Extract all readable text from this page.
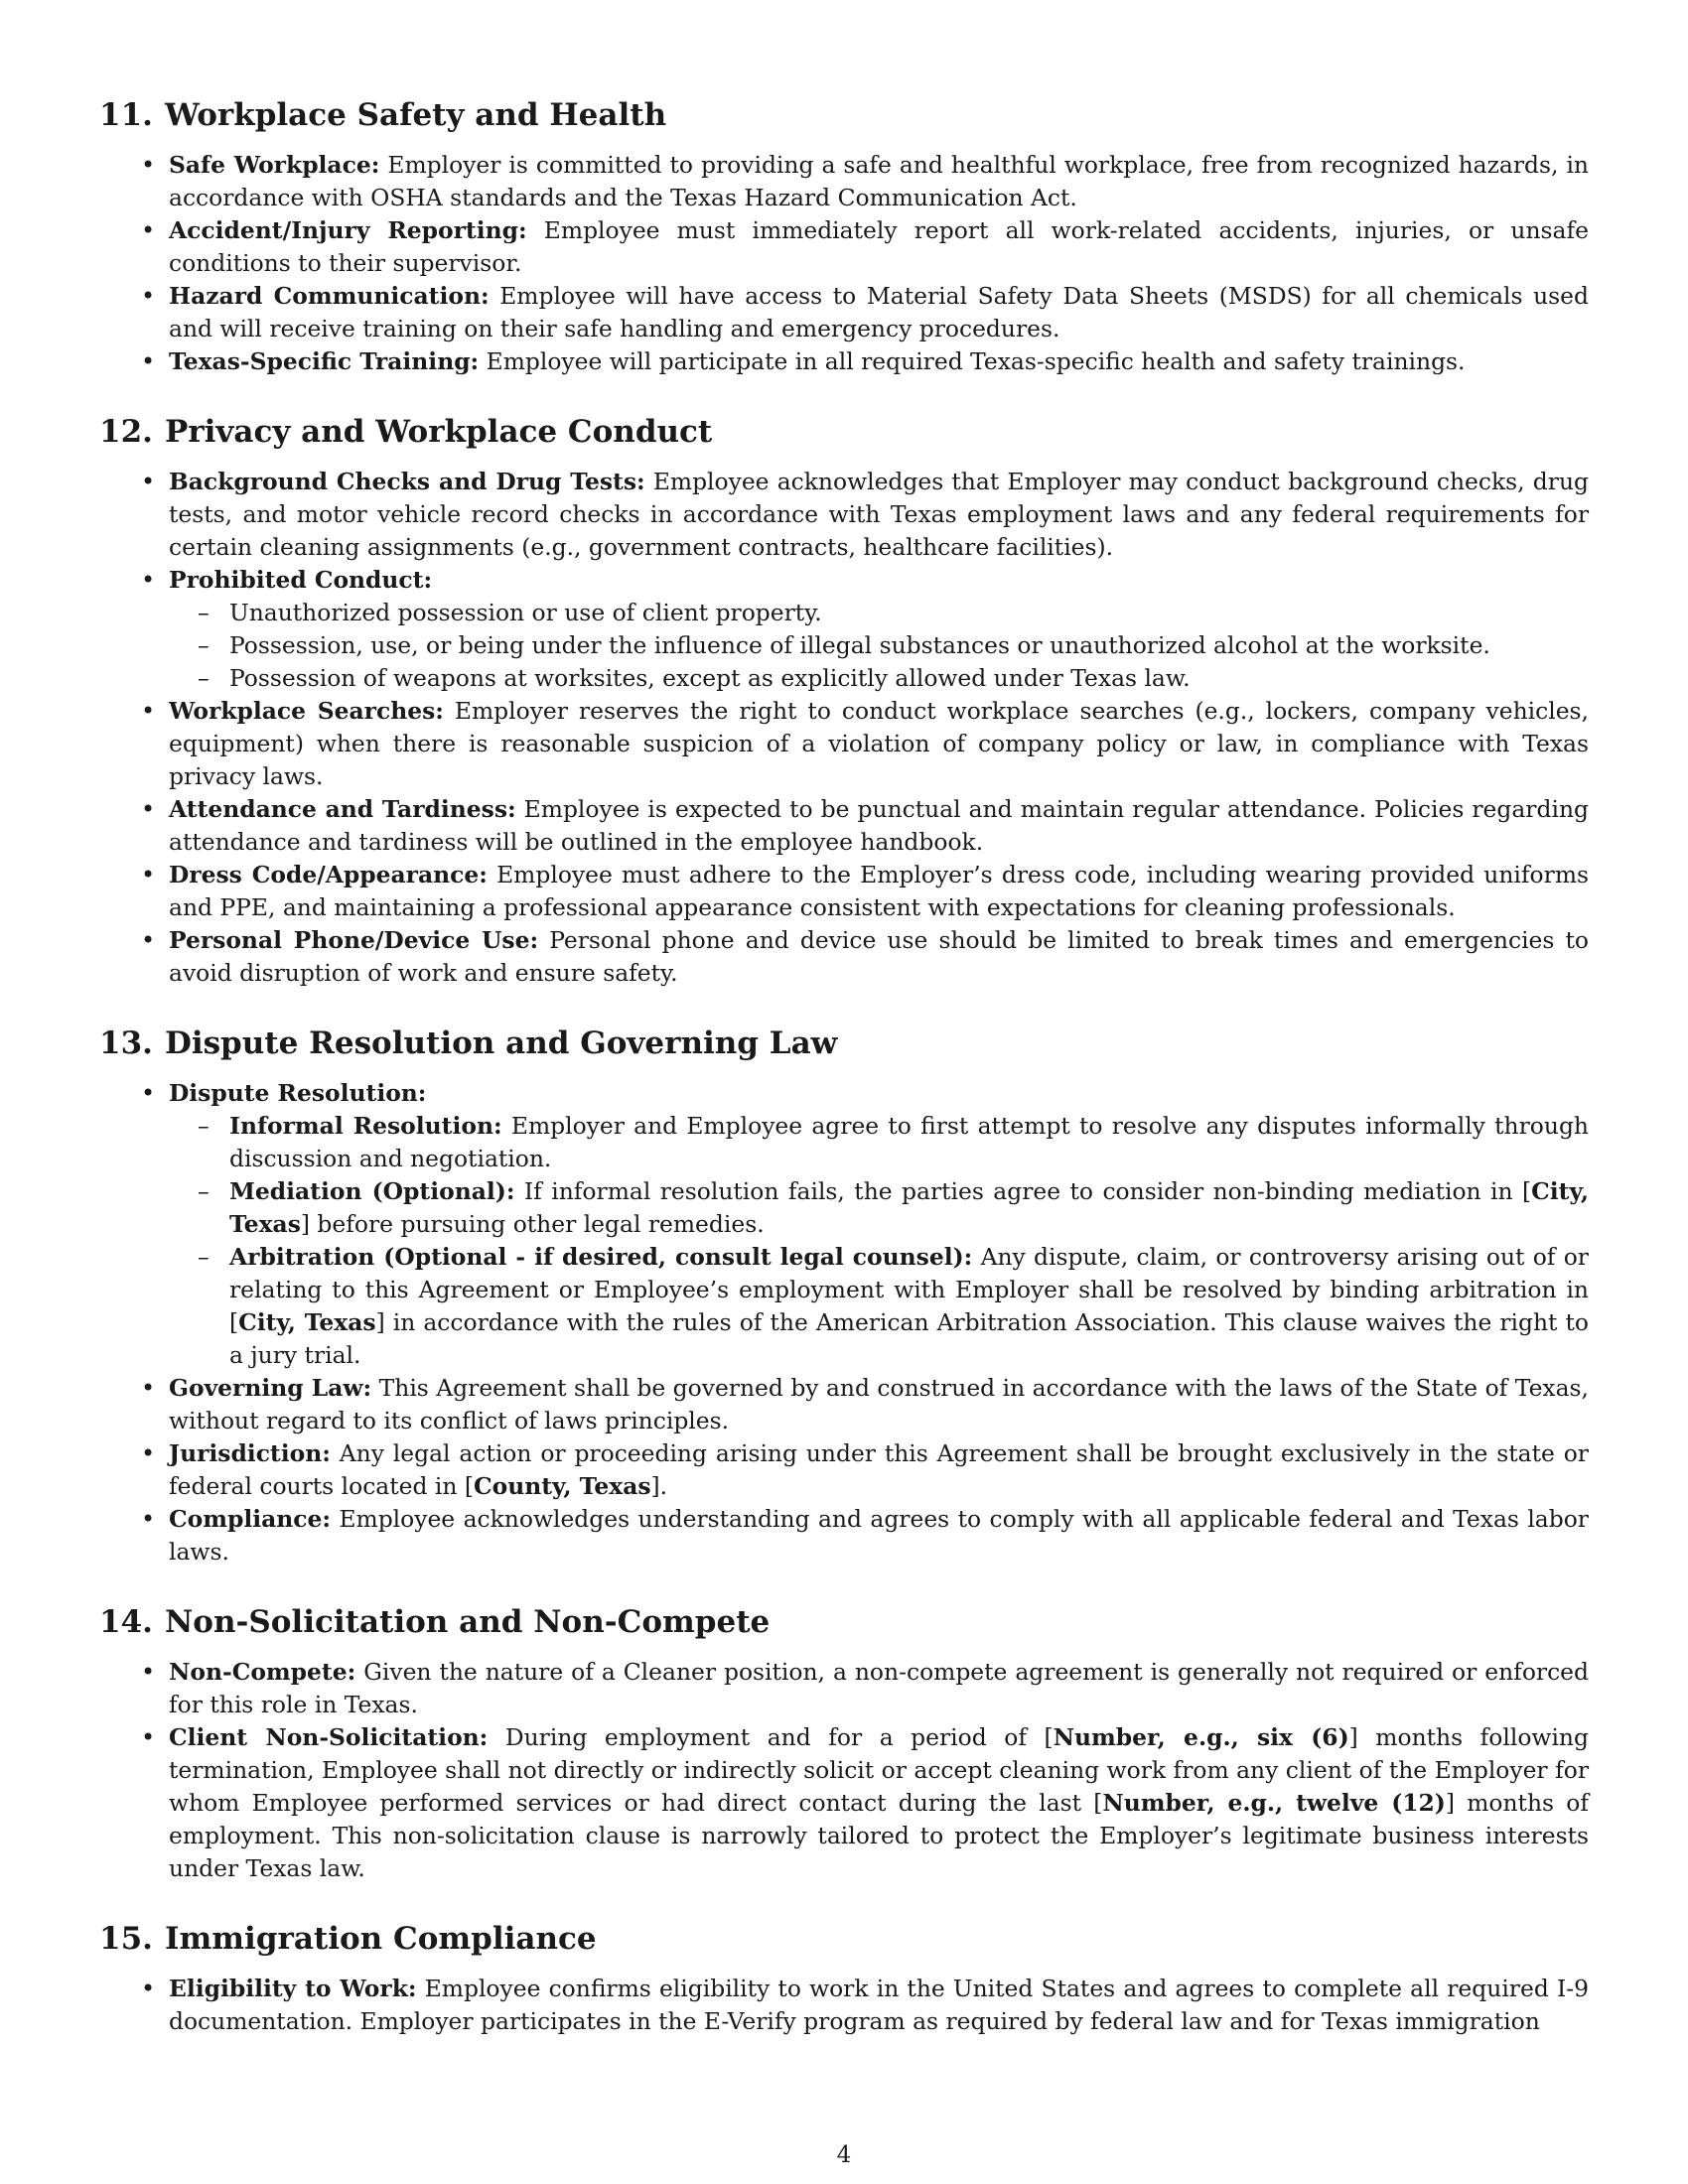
11. Workplace Safety and Health
• Safe Workplace: Employer is committed to providing a safe and healthful workplace, free from recognized hazards, in accordance with OSHA standards and the Texas Hazard Communication Act.
• Accident/Injury Reporting: Employee must immediately report all work-related accidents, injuries, or unsafe conditions to their supervisor.
• Hazard Communication: Employee will have access to Material Safety Data Sheets (MSDS) for all chemicals used and will receive training on their safe handling and emergency procedures.
• Texas-Specific Training: Employee will participate in all required Texas-specific health and safety trainings.
12. Privacy and Workplace Conduct
• Background Checks and Drug Tests: Employee acknowledges that Employer may conduct background checks, drug tests, and motor vehicle record checks in accordance with Texas employment laws and any federal requirements for certain cleaning assignments (e.g., government contracts, healthcare facilities).
• Prohibited Conduct:
– Unauthorized possession or use of client property.
– Possession, use, or being under the influence of illegal substances or unauthorized alcohol at the worksite.
– Possession of weapons at worksites, except as explicitly allowed under Texas law.
• Workplace Searches: Employer reserves the right to conduct workplace searches (e.g., lockers, company vehicles, equipment) when there is reasonable suspicion of a violation of company policy or law, in compliance with Texas privacy laws.
• Attendance and Tardiness: Employee is expected to be punctual and maintain regular attendance. Policies regarding attendance and tardiness will be outlined in the employee handbook.
• Dress Code/Appearance: Employee must adhere to the Employer’s dress code, including wearing provided uniforms and PPE, and maintaining a professional appearance consistent with expectations for cleaning professionals.
• Personal Phone/Device Use: Personal phone and device use should be limited to break times and emergencies to avoid disruption of work and ensure safety.
13. Dispute Resolution and Governing Law
• Dispute Resolution:
– Informal Resolution: Employer and Employee agree to first attempt to resolve any disputes informally through discussion and negotiation.
– Mediation (Optional): If informal resolution fails, the parties agree to consider non-binding mediation in [City, Texas] before pursuing other legal remedies.
– Arbitration (Optional - if desired, consult legal counsel): Any dispute, claim, or controversy arising out of or relating to this Agreement or Employee’s employment with Employer shall be resolved by binding arbitration in [City, Texas] in accordance with the rules of the American Arbitration Association. This clause waives the right to a jury trial.
• Governing Law: This Agreement shall be governed by and construed in accordance with the laws of the State of Texas, without regard to its conflict of laws principles.
• Jurisdiction: Any legal action or proceeding arising under this Agreement shall be brought exclusively in the state or federal courts located in [County, Texas].
• Compliance: Employee acknowledges understanding and agrees to comply with all applicable federal and Texas labor laws.
14. Non-Solicitation and Non-Compete
• Non-Compete: Given the nature of a Cleaner position, a non-compete agreement is generally not required or enforced for this role in Texas.
• Client Non-Solicitation: During employment and for a period of [Number, e.g., six (6)] months following termination, Employee shall not directly or indirectly solicit or accept cleaning work from any client of the Employer for whom Employee performed services or had direct contact during the last [Number, e.g., twelve (12)] months of employment. This non-solicitation clause is narrowly tailored to protect the Employer’s legitimate business interests under Texas law.
15. Immigration Compliance
• Eligibility to Work: Employee confirms eligibility to work in the United States and agrees to complete all required I-9 documentation. Employer participates in the E-Verify program as required by federal law and for Texas immigration
4
